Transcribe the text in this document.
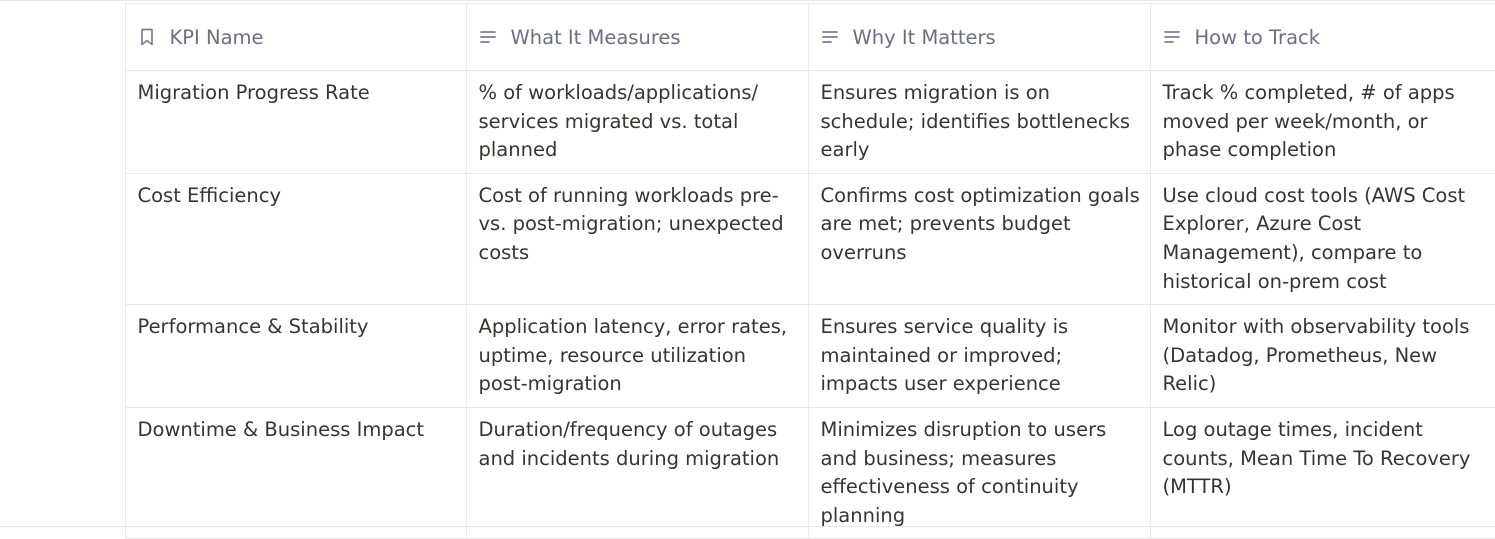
	KPI Name	What It Measures	Why It Matters	How to Track

	Migration Progress Rate	% of workloads/applications/ services migrated vs. total planned	Ensures migration is on schedule; identifies bottlenecks early	Track % completed, # of apps moved per week/month, or phase completion
	Cost Efficiency	Cost of running workloads pre-vs. post-migration; unexpected costs	Confirms cost optimization goals are met; prevents budget overruns	Use cloud cost tools (AWS Cost Explorer, Azure Cost Management), compare to historical on-prem cost
	Performance & Stability	Application latency, error rates, uptime, resource utilization post-migration	Ensures service quality is maintained or improved; impacts user experience	Monitor with observability tools (Datadog, Prometheus, New Relic)
	Downtime & Business Impact	Duration/frequency of outages and incidents during migration	Minimizes disruption to users and business; measures effectiveness of continuity planning	Log outage times, incident counts, Mean Time To Recovery (MTTR)
